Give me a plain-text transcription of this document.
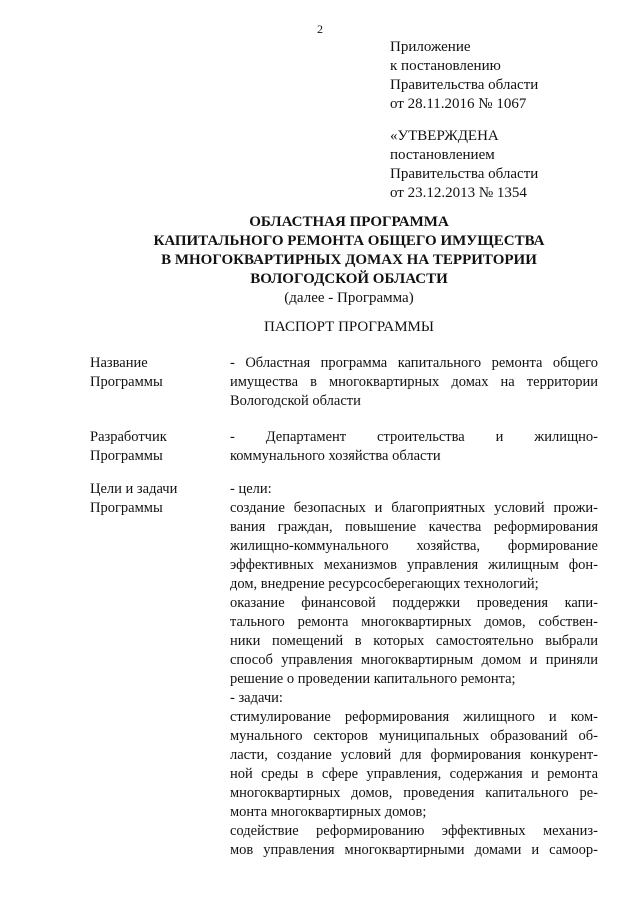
2
Приложение
к постановлению
Правительства области
от 28.11.2016 № 1067
«УТВЕРЖДЕНА
постановлением
Правительства области
от 23.12.2013 № 1354
ОБЛАСТНАЯ ПРОГРАММА
КАПИТАЛЬНОГО РЕМОНТА ОБЩЕГО ИМУЩЕСТВА
В МНОГОКВАРТИРНЫХ ДОМАХ НА ТЕРРИТОРИИ
ВОЛОГОДСКОЙ ОБЛАСТИ
(далее - Программа)
ПАСПОРТ ПРОГРАММЫ
Название
Программы
- Областная программа капитального ремонта общего
имущества в многоквартирных домах на территории
Вологодской области
Разработчик
Программы
- Департамент строительства и жилищно-
коммунального хозяйства области
Цели и задачи
Программы
- цели:
создание безопасных и благоприятных условий прожи-
вания граждан, повышение качества реформирования
жилищно-коммунального хозяйства, формирование
эффективных механизмов управления жилищным фон-
дом, внедрение ресурсосберегающих технологий;
оказание финансовой поддержки проведения капи-
тального ремонта многоквартирных домов, собствен-
ники помещений в которых самостоятельно выбрали
способ управления многоквартирным домом и приняли
решение о проведении капитального ремонта;
- задачи:
стимулирование реформирования жилищного и ком-
мунального секторов муниципальных образований об-
ласти, создание условий для формирования конкурент-
ной среды в сфере управления, содержания и ремонта
многоквартирных домов, проведения капитального ре-
монта многоквартирных домов;
содействие реформированию эффективных механиз-
мов управления многоквартирными домами и самоор-
